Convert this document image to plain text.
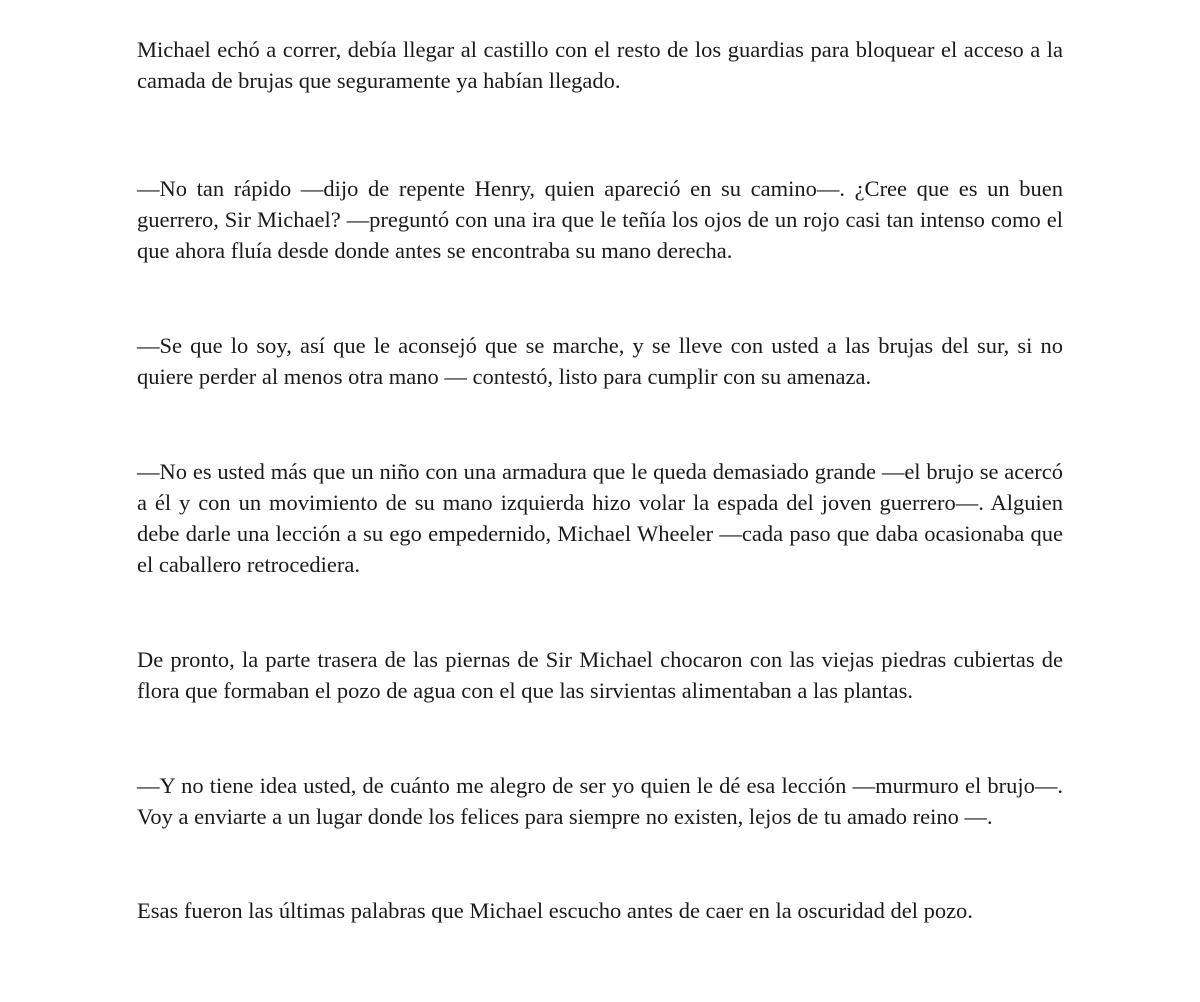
Michael echó a correr, debía llegar al castillo con el resto de los guardias para bloquear el acceso a la camada de brujas que seguramente ya habían llegado.

—No tan rápido —dijo de repente Henry, quien apareció en su camino—. ¿Cree que es un buen guerrero, Sir Michael? —preguntó con una ira que le teñía los ojos de un rojo casi tan intenso como el que ahora fluía desde donde antes se encontraba su mano derecha.

—Se que lo soy, así que le aconsejó que se marche, y se lleve con usted a las brujas del sur, si no quiere perder al menos otra mano — contestó, listo para cumplir con su amenaza.

—No es usted más que un niño con una armadura que le queda demasiado grande —el brujo se acercó a él y con un movimiento de su mano izquierda hizo volar la espada del joven guerrero—. Alguien debe darle una lección a su ego empedernido, Michael Wheeler —cada paso que daba ocasionaba que el caballero retrocediera.

De pronto, la parte trasera de las piernas de Sir Michael chocaron con las viejas piedras cubiertas de flora que formaban el pozo de agua con el que las sirvientas alimentaban a las plantas.

—Y no tiene idea usted, de cuánto me alegro de ser yo quien le dé esa lección —murmuro el brujo—. Voy a enviarte a un lugar donde los felices para siempre no existen, lejos de tu amado reino —.

Esas fueron las últimas palabras que Michael escucho antes de caer en la oscuridad del pozo.
